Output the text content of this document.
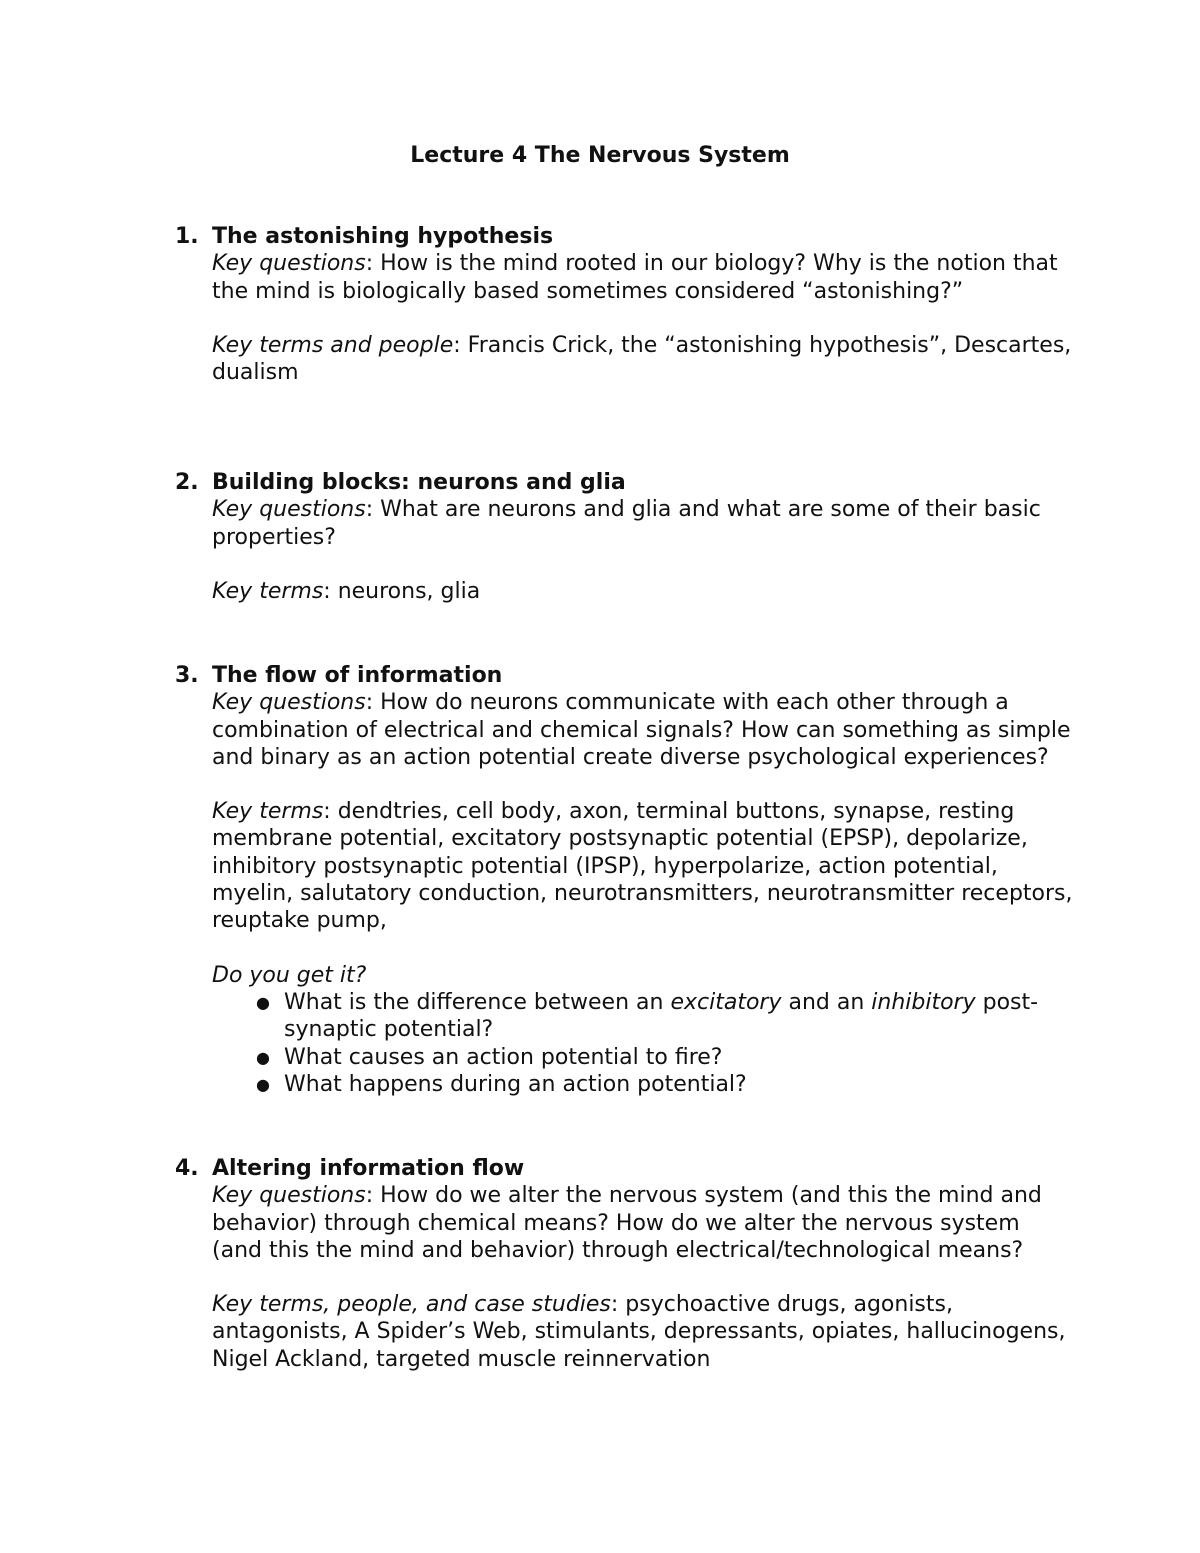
Lecture 4 The Nervous System
1. The astonishing hypothesis

Key questions: How is the mind rooted in our biology? Why is the notion that the mind is biologically based sometimes considered “astonishing?”

Key terms and people: Francis Crick, the “astonishing hypothesis”, Descartes, dualism

2. Building blocks: neurons and glia

Key questions: What are neurons and glia and what are some of their basic properties?

Key terms: neurons, glia

3. The flow of information

Key questions: How do neurons communicate with each other through a combination of electrical and chemical signals? How can something as simple and binary as an action potential create diverse psychological experiences?

Key terms: dendtries, cell body, axon, terminal buttons, synapse, resting membrane potential, excitatory postsynaptic potential (EPSP), depolarize, inhibitory postsynaptic potential (IPSP), hyperpolarize, action potential, myelin, salutatory conduction, neurotransmitters, neurotransmitter receptors, reuptake pump,

Do you get it?

● What is the difference between an excitatory and an inhibitory post-synaptic potential?
● What causes an action potential to fire?
● What happens during an action potential?
4. Altering information flow

Key questions: How do we alter the nervous system (and this the mind and behavior) through chemical means? How do we alter the nervous system (and this the mind and behavior) through electrical/technological means?

Key terms, people, and case studies: psychoactive drugs, agonists, antagonists, A Spider’s Web, stimulants, depressants, opiates, hallucinogens, Nigel Ackland, targeted muscle reinnervation
